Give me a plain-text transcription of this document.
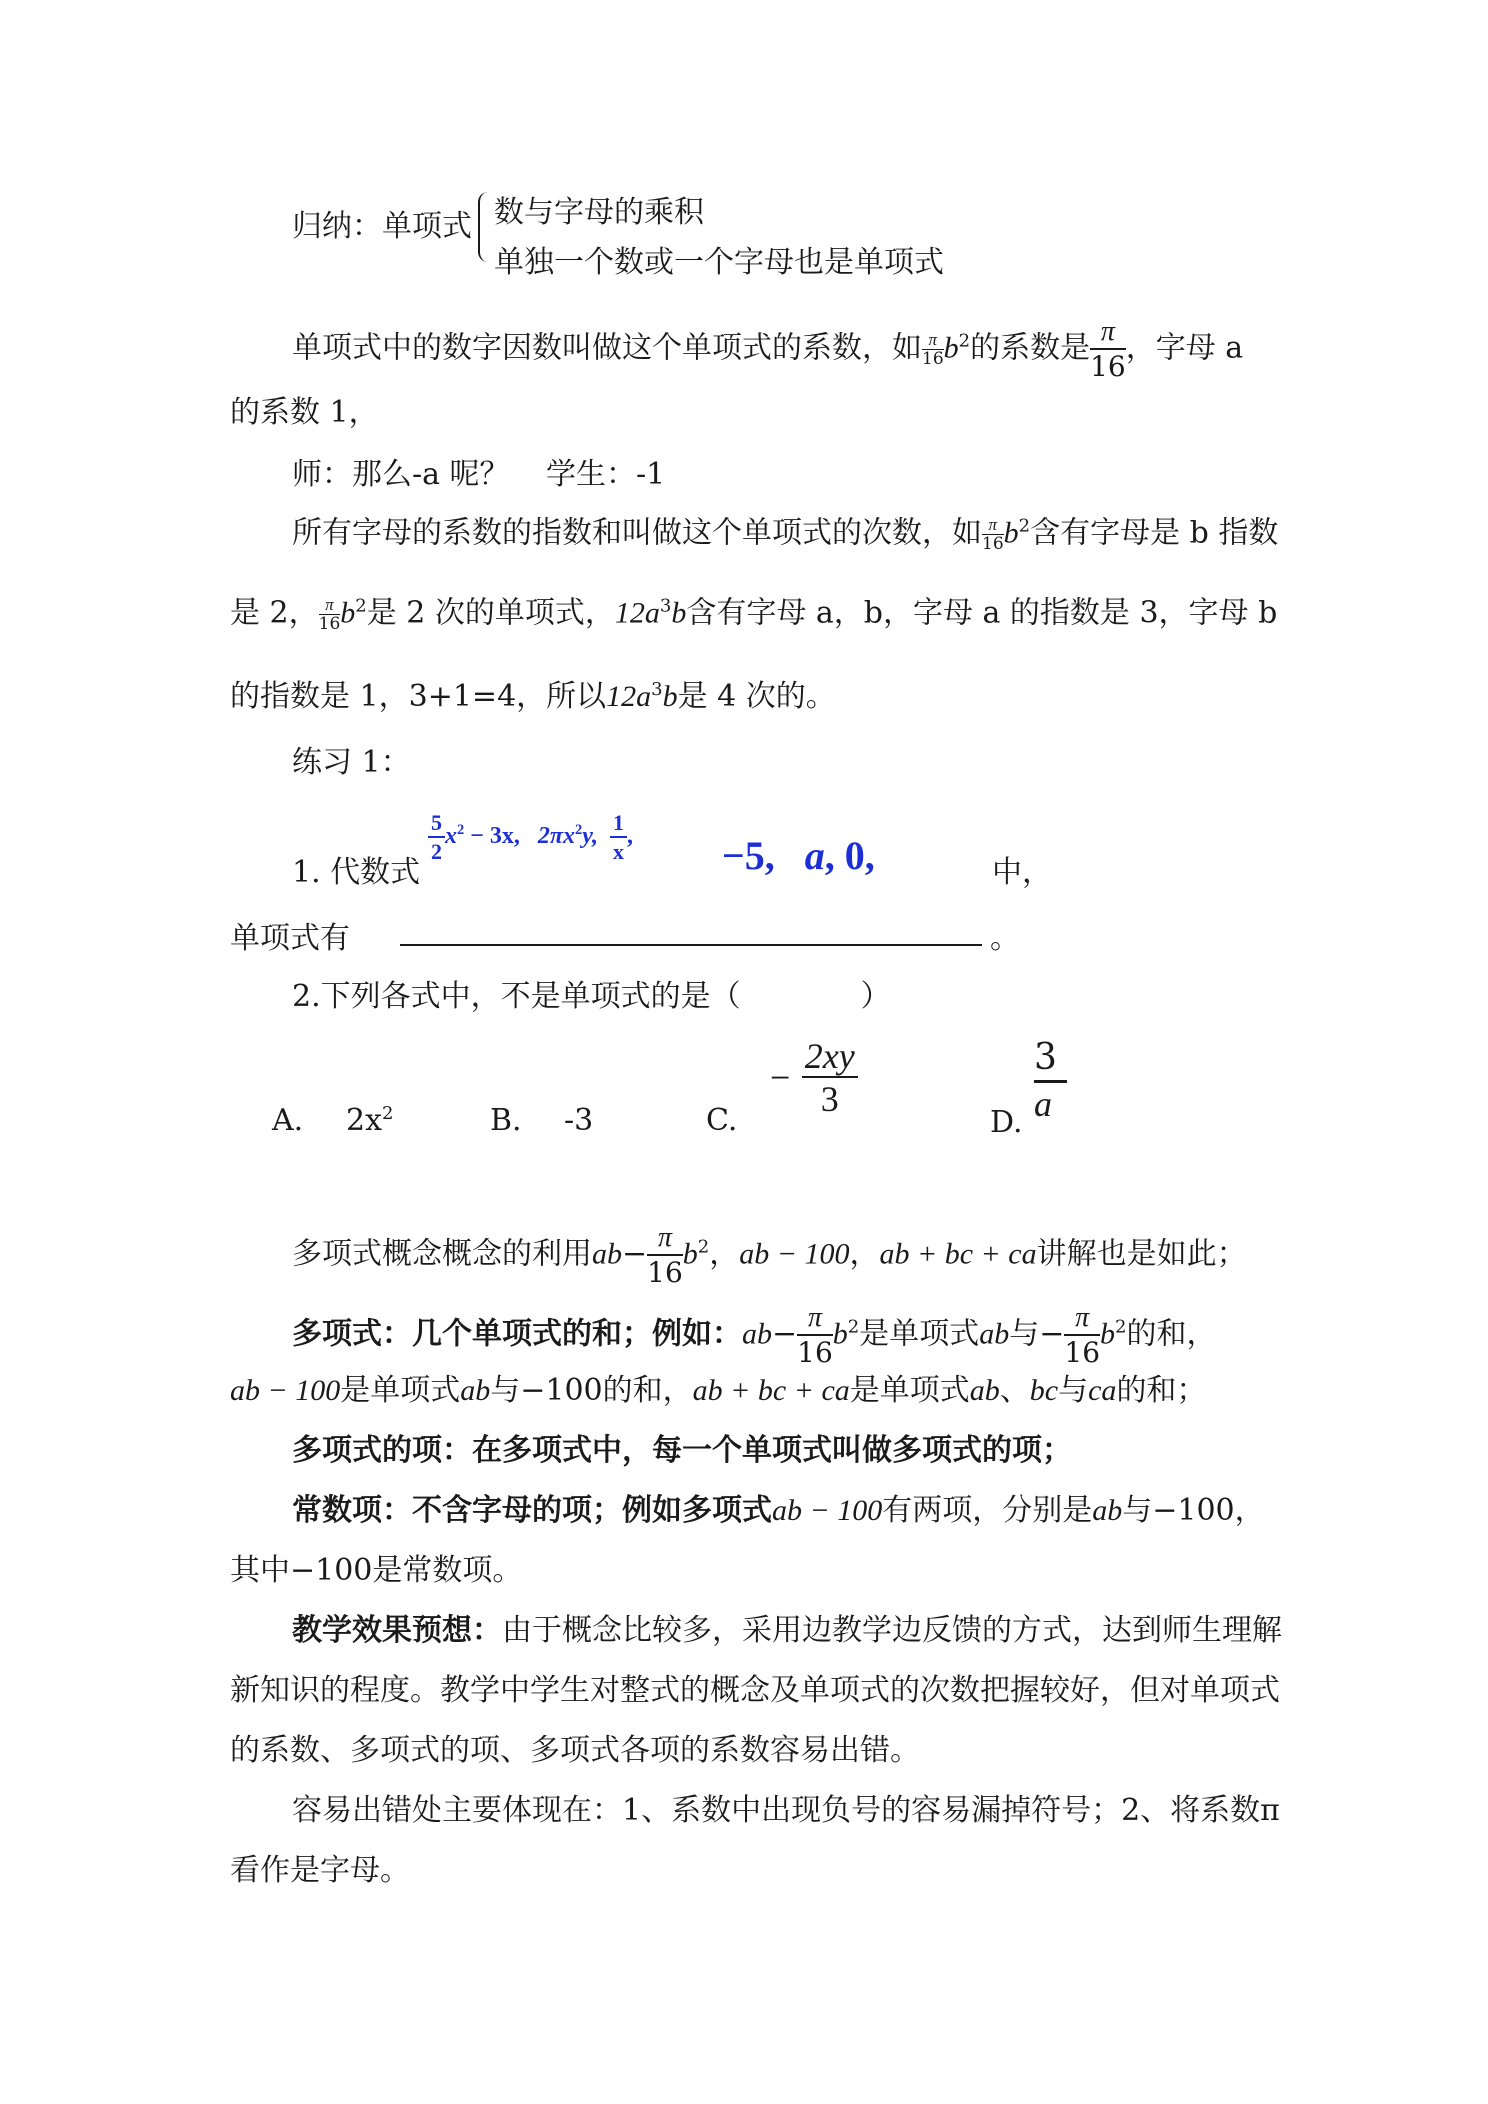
归纳：单项式 数与字母的乘积
单独一个数或一个字母也是单项式
单项式中的数字因数叫做这个单项式的系数，如 $\frac{\pi}{16} b^2$的系数是 $\frac{\pi}{16}$ ，字母 a
的系数 1，
师：那么-a 呢？ 学生：-1
所有字母的系数的指数和叫做这个单项式的次数，如 $\frac{\pi}{16} b^2$含有字母是 b 指数
是 2， $\frac{\pi}{16} b^2$是 2 次的单项式，$12a^3b$含有字母 a，b，字母 a 的指数是 3，字母 b
的指数是 1，3+1=4，所以$12a^3b$是 4 次的。
练习 1：
1. 代数式
$\frac{5}{2} x^2 - 3x$, $2\pi x^2y$, $\frac{1}{x}$ , −5, a, 0,	中，
单项式有	。
2.下列各式中，不是单项式的是（　　　　）
A. $2x^2$	B. -3	C.
− $\frac{2xy}{3}$
D.
$\frac{3}{a}$
多项式概念概念的利用$ab- \frac{\pi}{16} b^2$，ab − 100，ab + bc + ca讲解也是如此；
多项式：几个单项式的和；例如：$ab- \frac{\pi}{16} b^2$是单项式ab与− $\frac{\pi}{16} b^2$的和，
ab − 100是单项式ab与−100的和，ab + bc + ca是单项式ab、bc与ca的和；
多项式的项：在多项式中，每一个单项式叫做多项式的项；
常数项：不含字母的项；例如多项式ab − 100有两项，分别是ab与−100，
其中−100是常数项。
教学效果预想：由于概念比较多，采用边教学边反馈的方式，达到师生理解
新知识的程度。教学中学生对整式的概念及单项式的次数把握较好，但对单项式
的系数、多项式的项、多项式各项的系数容易出错。
容易出错处主要体现在：1、系数中出现负号的容易漏掉符号；2、将系数π
看作是字母。
